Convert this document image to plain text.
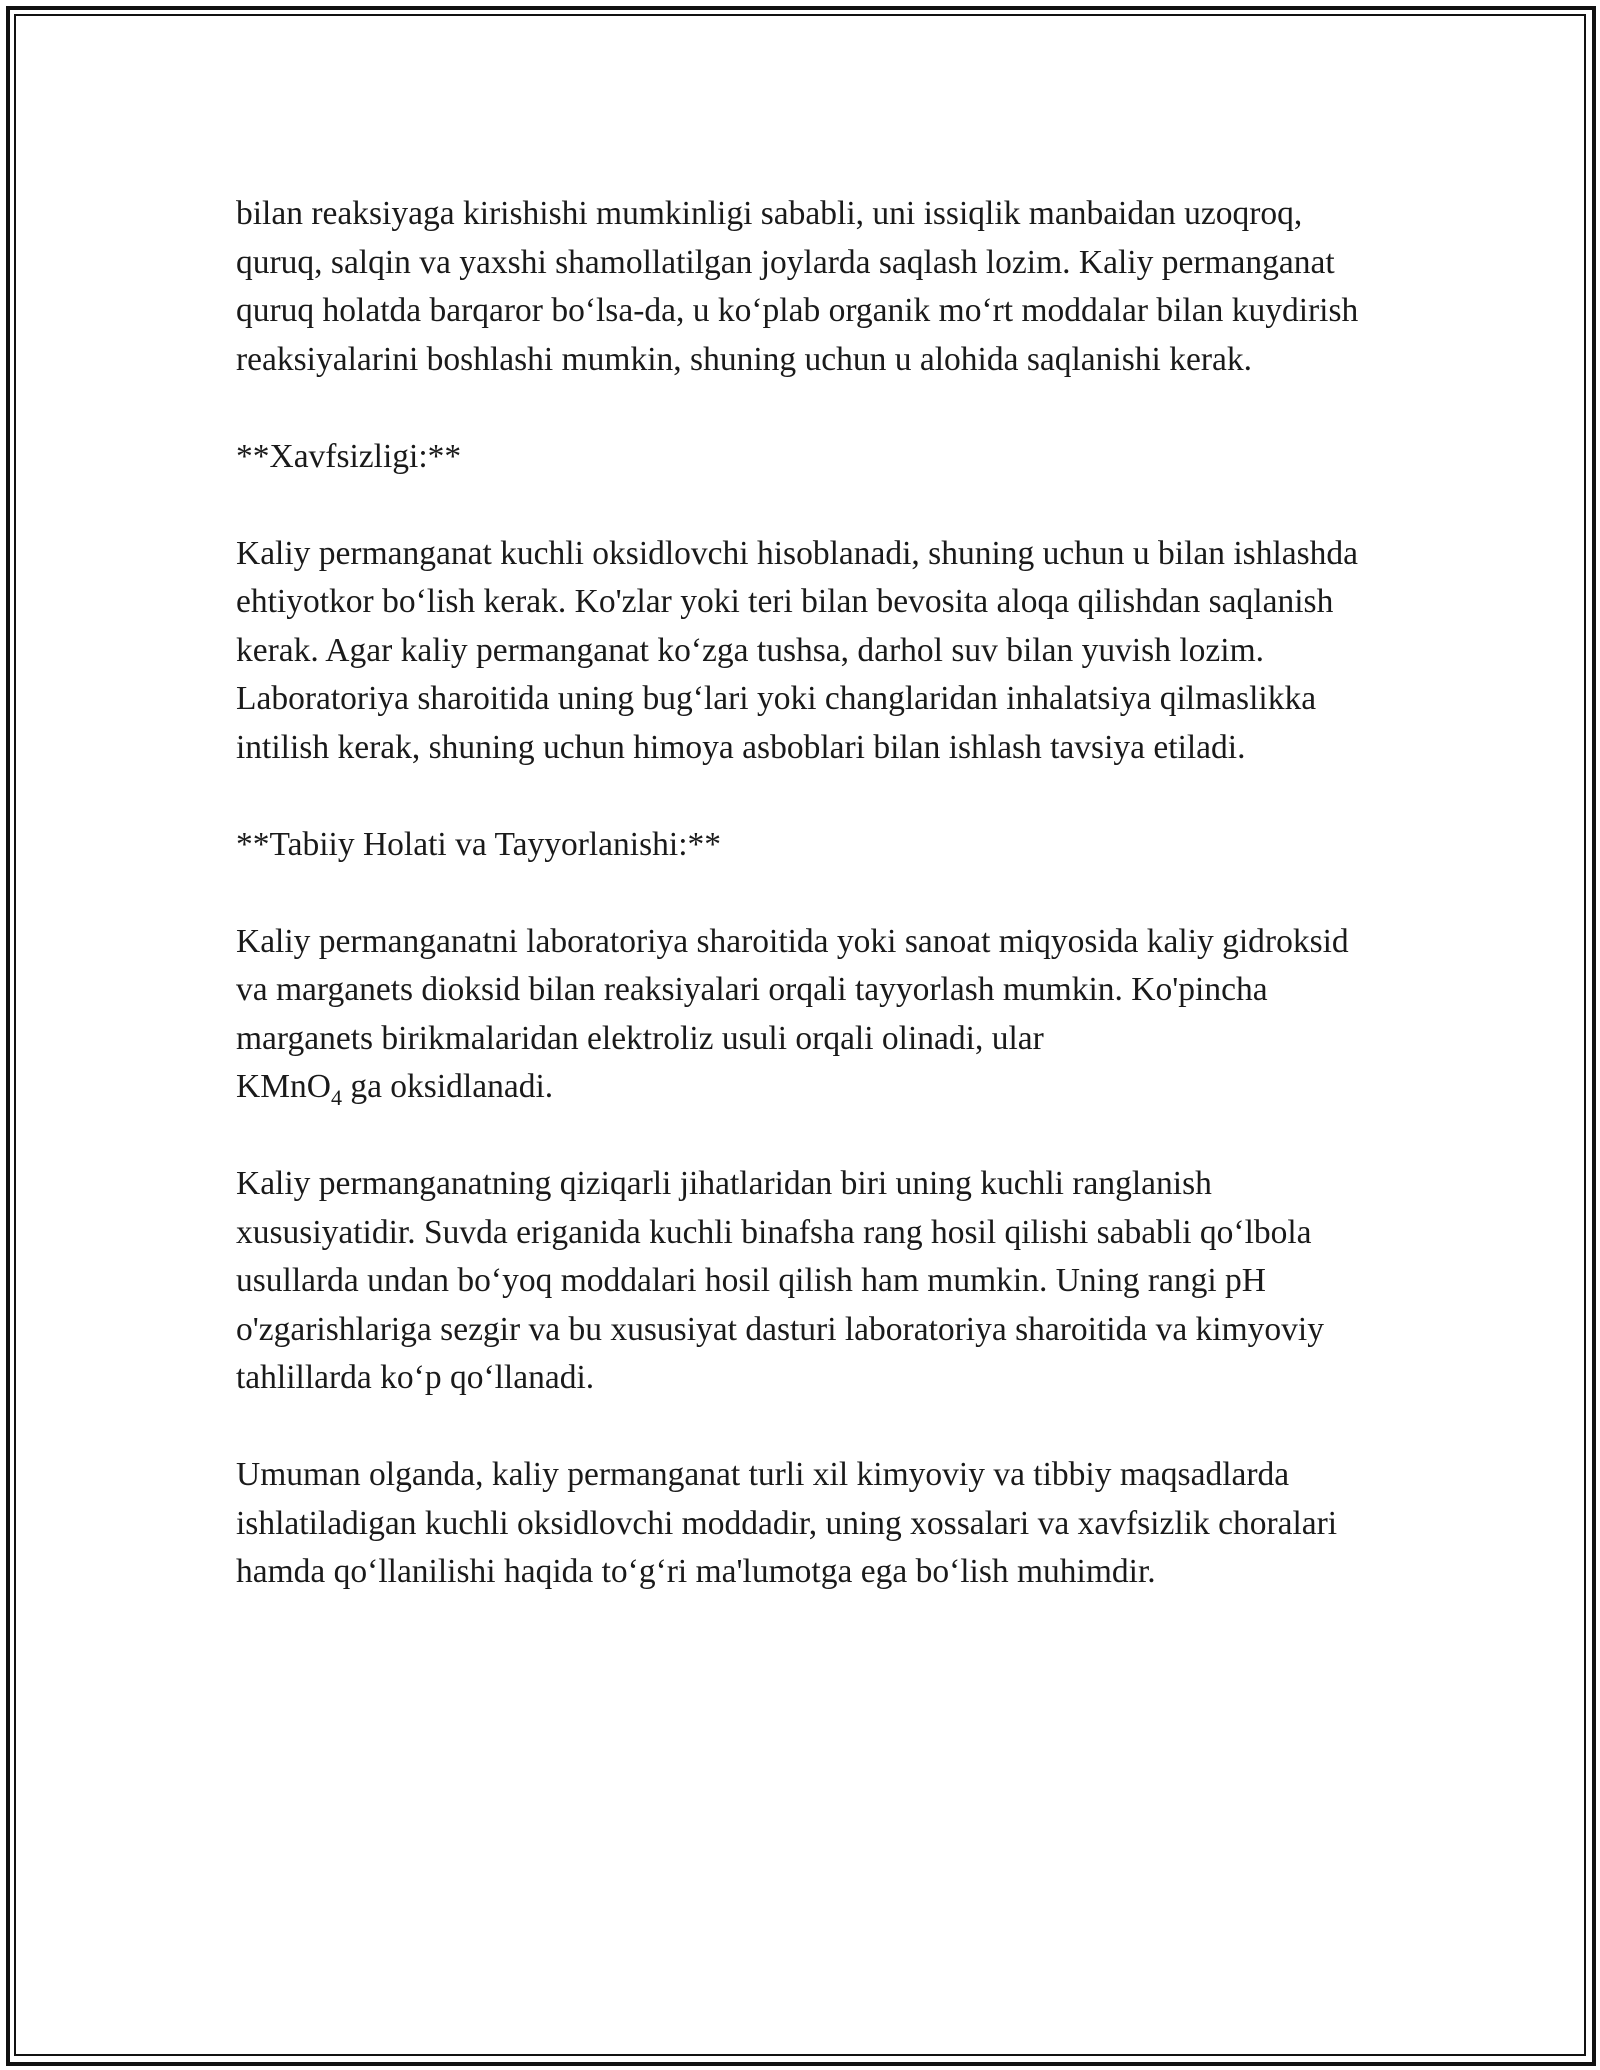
bilan reaksiyaga kirishishi mumkinligi sababli, uni issiqlik manbaidan uzoqroq, quruq, salqin va yaxshi shamollatilgan joylarda saqlash lozim. Kaliy permanganat quruq holatda barqaror bo‘lsa-da, u ko‘plab organik mo‘rt moddalar bilan kuydirish reaksiyalarini boshlashi mumkin, shuning uchun u alohida saqlanishi kerak.

**Xavfsizligi:**

Kaliy permanganat kuchli oksidlovchi hisoblanadi, shuning uchun u bilan ishlashda ehtiyotkor bo‘lish kerak. Ko'zlar yoki teri bilan bevosita aloqa qilishdan saqlanish kerak. Agar kaliy permanganat ko‘zga tushsa, darhol suv bilan yuvish lozim. Laboratoriya sharoitida uning bug‘lari yoki changlaridan inhalatsiya qilmaslikka intilish kerak, shuning uchun himoya asboblari bilan ishlash tavsiya etiladi.

**Tabiiy Holati va Tayyorlanishi:**

Kaliy permanganatni laboratoriya sharoitida yoki sanoat miqyosida kaliy gidroksid va marganets dioksid bilan reaksiyalari orqali tayyorlash mumkin. Ko'pincha marganets birikmalaridan elektroliz usuli orqali olinadi, ular
KMnO$_4$ ga oksidlanadi.

Kaliy permanganatning qiziqarli jihatlaridan biri uning kuchli ranglanish xususiyatidir. Suvda eriganida kuchli binafsha rang hosil qilishi sababli qo‘lbola usullarda undan bo‘yoq moddalari hosil qilish ham mumkin. Uning rangi pH o'zgarishlariga sezgir va bu xususiyat dasturi laboratoriya sharoitida va kimyoviy tahlillarda ko‘p qo‘llanadi.

Umuman olganda, kaliy permanganat turli xil kimyoviy va tibbiy maqsadlarda ishlatiladigan kuchli oksidlovchi moddadir, uning xossalari va xavfsizlik choralari hamda qo‘llanilishi haqida to‘g‘ri ma'lumotga ega bo‘lish muhimdir.
